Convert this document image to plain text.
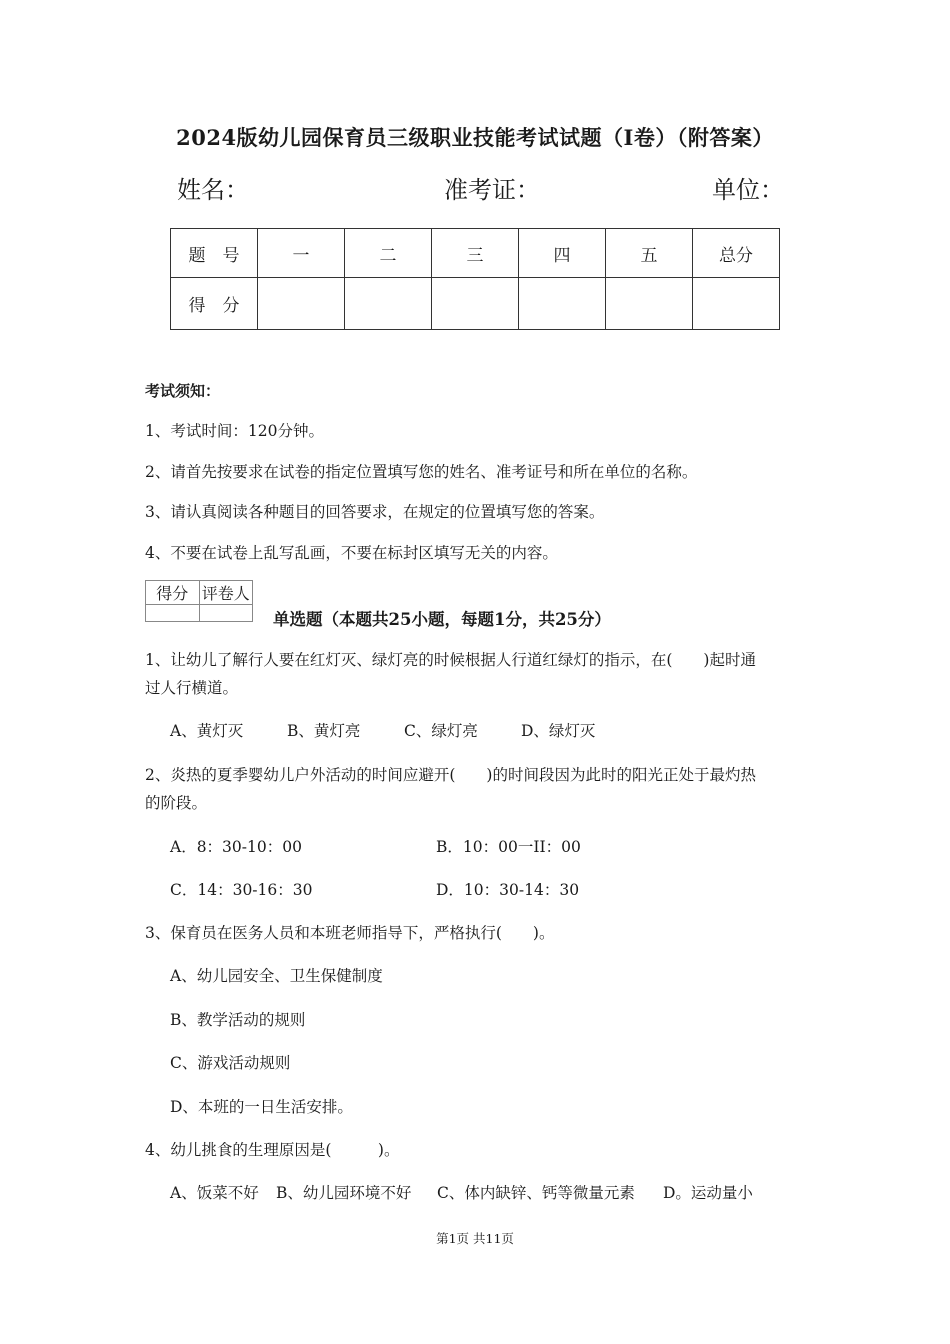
2024版幼儿园保育员三级职业技能考试试题（I卷）（附答案）
姓名：	准考证：	单位：
题　号	一	二	三	四	五	总分
得　分						
考试须知：
1、考试时间：120分钟。
2、请首先按要求在试卷的指定位置填写您的姓名、准考证号和所在单位的名称。
3、请认真阅读各种题目的回答要求，在规定的位置填写您的答案。
4、不要在试卷上乱写乱画，不要在标封区填写无关的内容。
得分	评卷人

单选题（本题共25小题，每题1分，共25分）
1、让幼儿了解行人要在红灯灭、绿灯亮的时候根据人行道红绿灯的指示，在(　　)起时通
过人行横道。
A、黄灯灭	B、黄灯亮	C、绿灯亮	D、绿灯灭
2、炎热的夏季婴幼儿户外活动的时间应避开(　　)的时间段因为此时的阳光正处于最灼热
的阶段。
A．8：30-10：00	B．10：00一II：00
C．14：30-16：30	D．10：30-14：30
3、保育员在医务人员和本班老师指导下，严格执行(　　)。
A、幼儿园安全、卫生保健制度
B、教学活动的规则
C、游戏活动规则
D、本班的一日生活安排。
4、幼儿挑食的生理原因是(　　　)。
A、饭菜不好 B、幼儿园环境不好 C、体内缺锌、钙等微量元素 D。运动量小
第1页 共11页
